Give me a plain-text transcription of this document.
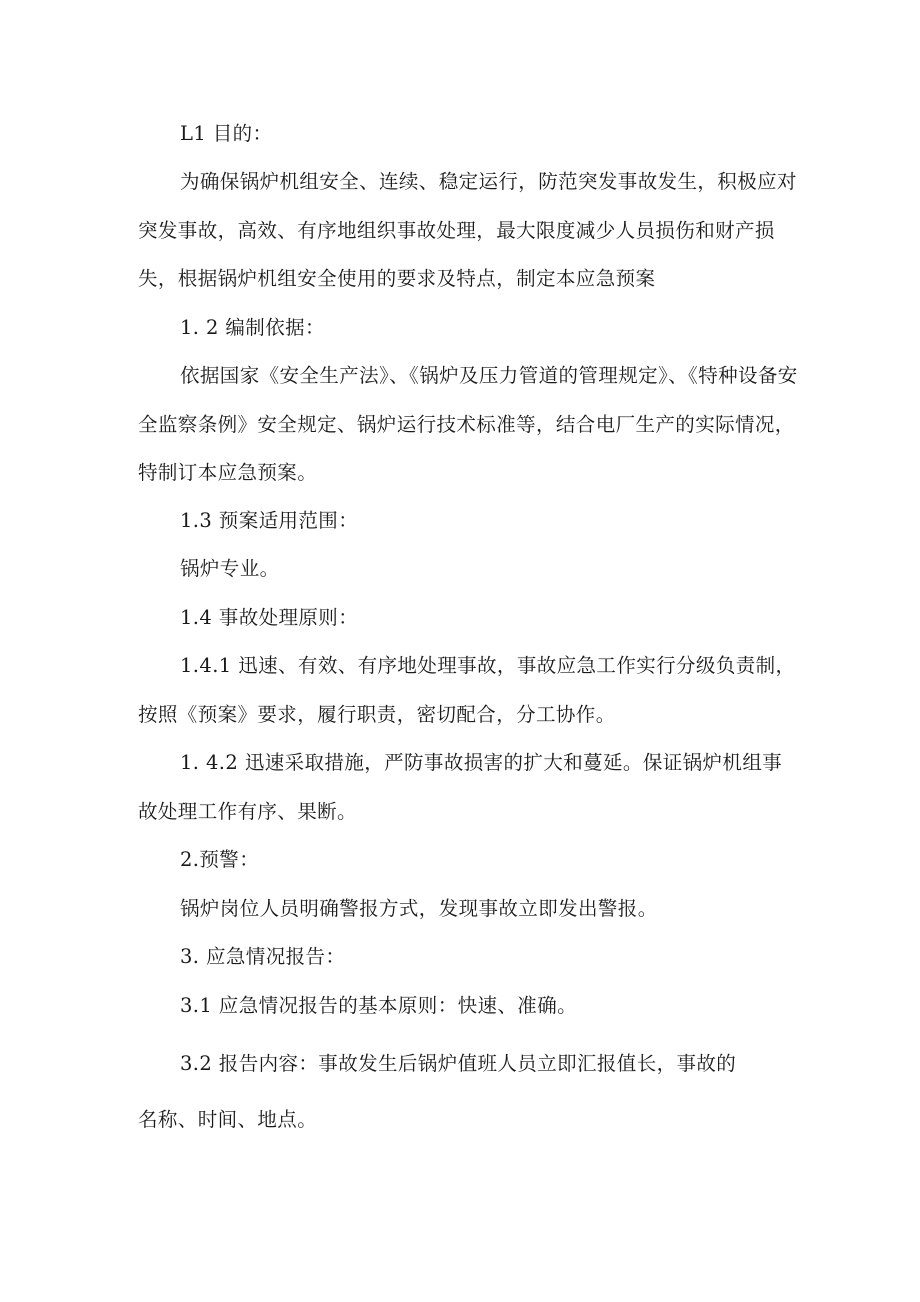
L1 目的：

为确保锅炉机组安全、连续、稳定运行，防范突发事故发生，积极应对突发事故，高效、有序地组织事故处理，最大限度减少人员损伤和财产损失，根据锅炉机组安全使用的要求及特点，制定本应急预案

1. 2 编制依据：

依据国家《安全生产法》、《锅炉及压力管道的管理规定》、《特种设备安全监察条例》安全规定、锅炉运行技术标准等，结合电厂生产的实际情况，特制订本应急预案。

1.3 预案适用范围：

锅炉专业。

1.4 事故处理原则：

1.4.1 迅速、有效、有序地处理事故，事故应急工作实行分级负责制，按照《预案》要求，履行职责，密切配合，分工协作。

1. 4.2 迅速采取措施，严防事故损害的扩大和蔓延。保证锅炉机组事故处理工作有序、果断。

2.预警：

锅炉岗位人员明确警报方式，发现事故立即发出警报。

3. 应急情况报告：

3.1 应急情况报告的基本原则：快速、准确。

3.2 报告内容：事故发生后锅炉值班人员立即汇报值长，事故的

名称、时间、地点。
